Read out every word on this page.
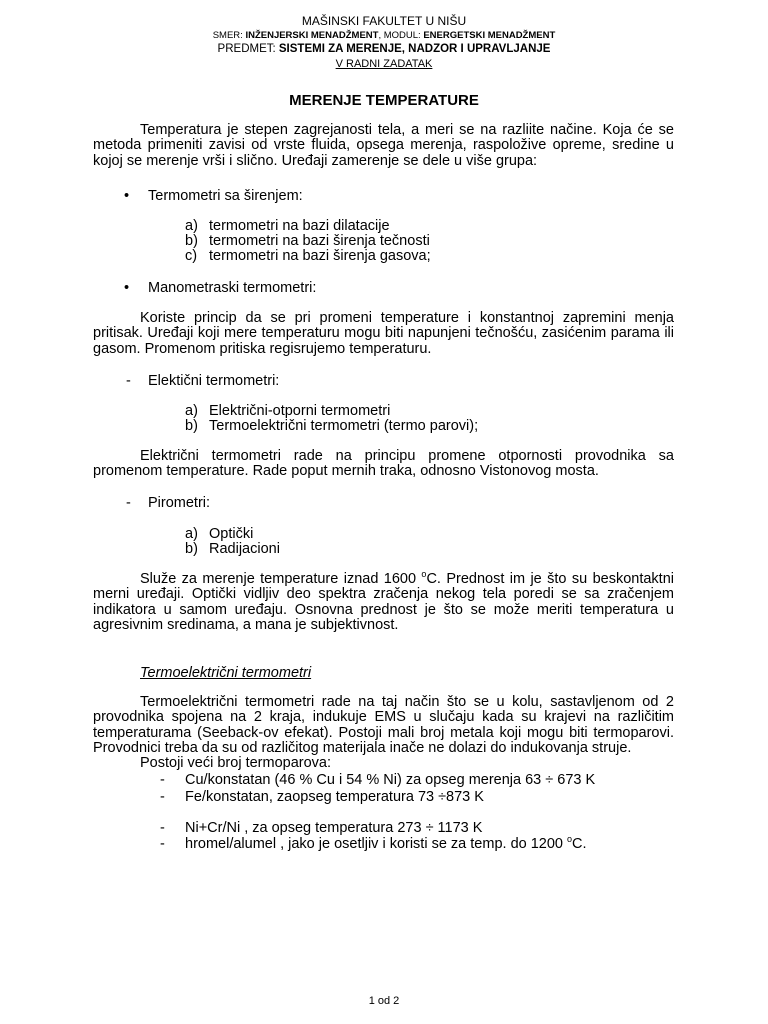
MAŠINSKI FAKULTET U NIŠU
SMER: INŽENJERSKI MENADŽMENT, MODUL: ENERGETSKI MENADŽMENT
PREDMET: SISTEMI ZA MERENJE, NADZOR I UPRAVLJANJE
V RADNI ZADATAK
MERENJE TEMPERATURE
Temperatura je stepen zagrejanosti tela, a meri se na razliite načine. Koja će se metoda primeniti zavisi od vrste fluida, opsega merenja, raspoložive opreme, sredine u kojoj se merenje vrši i slično. Uređaji zamerenje se dele u više grupa:
•	Termometri sa širenjem:
a) termometri na bazi dilatacije
b) termometri na bazi širenja tečnosti
c) termometri na bazi širenja gasova;
•	Manometraski termometri:
Koriste princip da se pri promeni temperature i konstantnoj zapremini menja pritisak. Uređaji koji mere temperaturu mogu biti napunjeni tečnošću, zasićenim parama ili gasom. Promenom pritiska regisrujemo temperaturu.
- Elektični termometri:
a) Električni-otporni termometri
b) Termoelektrični termometri (termo parovi);
Električni termometri rade na principu promene otpornosti provodnika sa promenom temperature. Rade poput mernih traka, odnosno Vistonovog mosta.
- Pirometri:
a) Optički
b) Radijacioni
Služe za merenje temperature iznad 1600 $^o$C. Prednost im je što su beskontaktni merni uređaji. Optički vidljiv deo spektra zračenja nekog tela poredi se sa zračenjem indikatora u samom uređaju. Osnovna prednost je što se može meriti temperatura u agresivnim sredinama, a mana je subjektivnost.
Termoelektrični termometri
Termoelektrični termometri rade na taj način što se u kolu, sastavljenom od 2 provodnika spojena na 2 kraja, indukuje EMS u slučaju kada su krajevi na različitim temperaturama (Seeback-ov efekat). Postoji mali broj metala koji mogu biti termoparovi. Provodnici treba da su od različitog materijala inače ne dolazi do indukovanja struje.
Postoji veći broj termoparova:
- Cu/konstatan (46 % Cu i 54 % Ni) za opseg merenja 63 ÷ 673 K
- Fe/konstatan, zaopseg temperatura 73 ÷873 K
- Ni+Cr/Ni , za opseg temperatura 273 ÷ 1173 K
- hromel/alumel , jako je osetljiv i koristi se za temp. do 1200 $^o$C.
1 od 2
